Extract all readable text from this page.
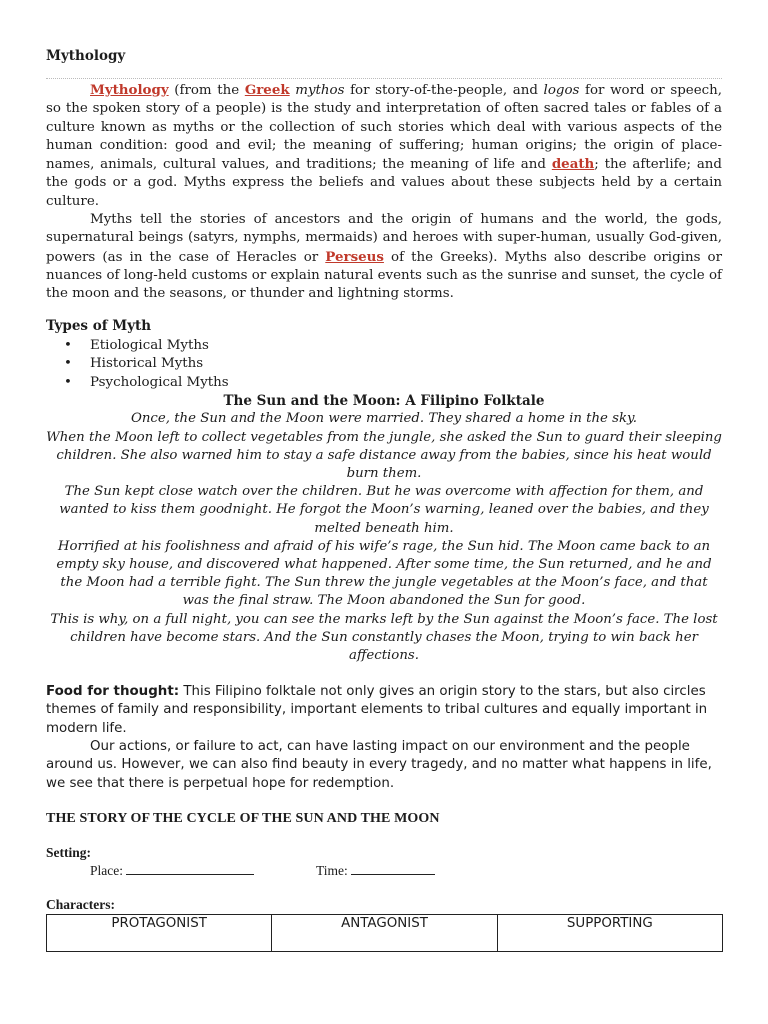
Mythology

Mythology (from the Greek mythos for story-of-the-people, and logos for word or speech, so the spoken story of a people) is the study and interpretation of often sacred tales or fables of a culture known as myths or the collection of such stories which deal with various aspects of the human condition: good and evil; the meaning of suffering; human origins; the origin of place-names, animals, cultural values, and traditions; the meaning of life and death; the afterlife; and the gods or a god. Myths express the beliefs and values about these subjects held by a certain culture.

Myths tell the stories of ancestors and the origin of humans and the world, the gods, supernatural beings (satyrs, nymphs, mermaids) and heroes with super-human, usually God-given, powers (as in the case of Heracles or Perseus of the Greeks). Myths also describe origins or nuances of long-held customs or explain natural events such as the sunrise and sunset, the cycle of the moon and the seasons, or thunder and lightning storms.

Types of Myth
• Etiological Myths
• Historical Myths
• Psychological Myths
The Sun and the Moon: A Filipino Folktale

Once, the Sun and the Moon were married. They shared a home in the sky.

When the Moon left to collect vegetables from the jungle, she asked the Sun to guard their sleeping children. She also warned him to stay a safe distance away from the babies, since his heat would burn them.

The Sun kept close watch over the children. But he was overcome with affection for them, and wanted to kiss them goodnight. He forgot the Moon’s warning, leaned over the babies, and they melted beneath him.

Horrified at his foolishness and afraid of his wife’s rage, the Sun hid. The Moon came back to an empty sky house, and discovered what happened. After some time, the Sun returned, and he and the Moon had a terrible fight. The Sun threw the jungle vegetables at the Moon’s face, and that was the final straw. The Moon abandoned the Sun for good.

This is why, on a full night, you can see the marks left by the Sun against the Moon’s face. The lost children have become stars. And the Sun constantly chases the Moon, trying to win back her affections.

Food for thought: This Filipino folktale not only gives an origin story to the stars, but also circles themes of family and responsibility, important elements to tribal cultures and equally important in modern life.

Our actions, or failure to act, can have lasting impact on our environment and the people around us. However, we can also find beauty in every tragedy, and no matter what happens in life, we see that there is perpetual hope for redemption.

THE STORY OF THE CYCLE OF THE SUN AND THE MOON

Setting:

Place:	Time:

Characters:

PROTAGONIST	ANTAGONIST	SUPPORTING
